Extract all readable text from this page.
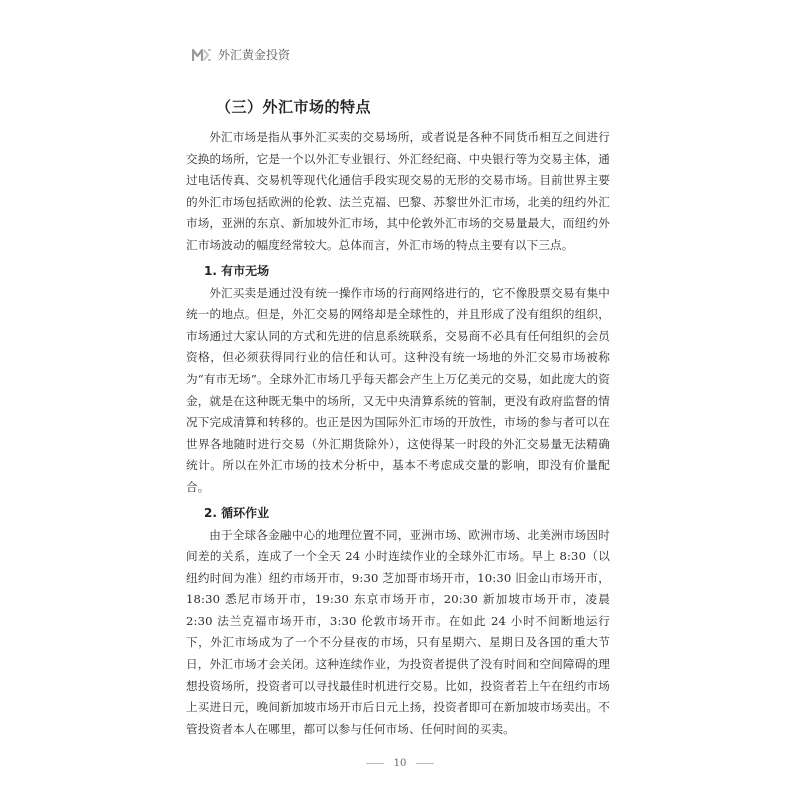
外汇黄金投资
（三）外汇市场的特点

外汇市场是指从事外汇买卖的交易场所，或者说是各种不同货币相互之间进行交换的场所，它是一个以外汇专业银行、外汇经纪商、中央银行等为交易主体，通过电话传真、交易机等现代化通信手段实现交易的无形的交易市场。目前世界主要的外汇市场包括欧洲的伦敦、法兰克福、巴黎、苏黎世外汇市场，北美的纽约外汇市场，亚洲的东京、新加坡外汇市场，其中伦敦外汇市场的交易量最大，而纽约外汇市场波动的幅度经常较大。总体而言，外汇市场的特点主要有以下三点。

1. 有市无场

外汇买卖是通过没有统一操作市场的行商网络进行的，它不像股票交易有集中统一的地点。但是，外汇交易的网络却是全球性的，并且形成了没有组织的组织，市场通过大家认同的方式和先进的信息系统联系，交易商不必具有任何组织的会员资格，但必须获得同行业的信任和认可。这种没有统一场地的外汇交易市场被称为“有市无场”。全球外汇市场几乎每天都会产生上万亿美元的交易，如此庞大的资金，就是在这种既无集中的场所，又无中央清算系统的管制，更没有政府监督的情况下完成清算和转移的。也正是因为国际外汇市场的开放性，市场的参与者可以在世界各地随时进行交易（外汇期货除外），这使得某一时段的外汇交易量无法精确统计。所以在外汇市场的技术分析中，基本不考虑成交量的影响，即没有价量配合。

2. 循环作业

由于全球各金融中心的地理位置不同，亚洲市场、欧洲市场、北美洲市场因时间差的关系，连成了一个全天 24 小时连续作业的全球外汇市场。早上 8:30（以纽约时间为准）纽约市场开市，9:30 芝加哥市场开市，10:30 旧金山市场开市，18:30 悉尼市场开市，19:30 东京市场开市，20:30 新加坡市场开市，凌晨 2:30 法兰克福市场开市，3:30 伦敦市场开市。在如此 24 小时不间断地运行下，外汇市场成为了一个不分昼夜的市场，只有星期六、星期日及各国的重大节日，外汇市场才会关闭。这种连续作业，为投资者提供了没有时间和空间障碍的理想投资场所，投资者可以寻找最佳时机进行交易。比如，投资者若上午在纽约市场上买进日元，晚间新加坡市场开市后日元上扬，投资者即可在新加坡市场卖出。不管投资者本人在哪里，都可以参与任何市场、任何时间的买卖。

10
